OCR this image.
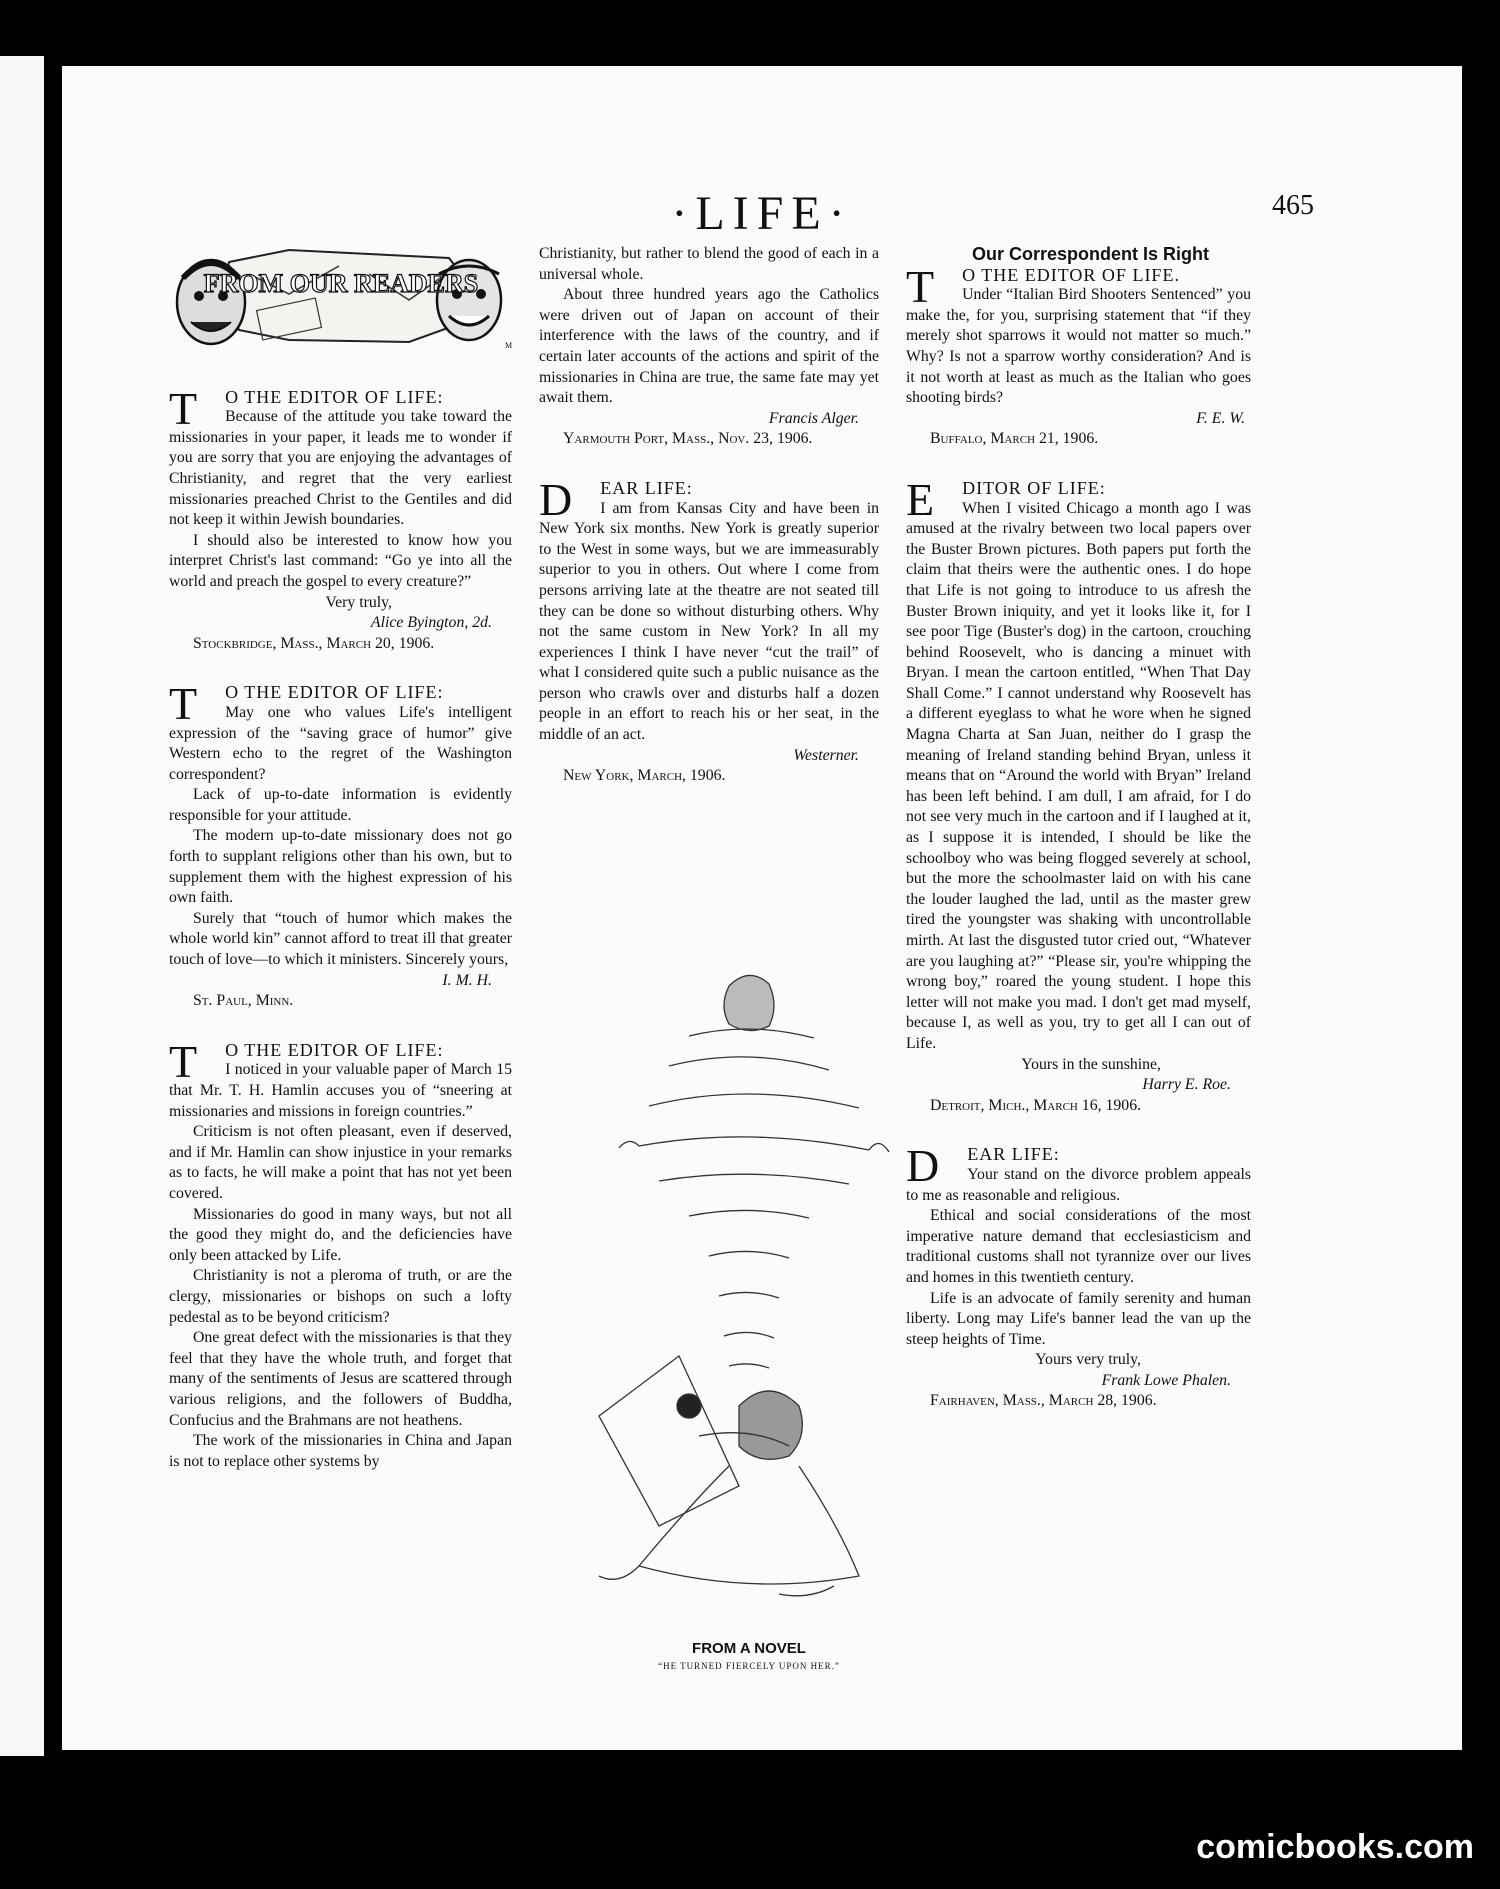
·LIFE·	465
FROM OUR READERS
M
T	O THE EDITOR OF LIFE:

Because of the attitude you take toward the missionaries in your paper, it leads me to wonder if you are sorry that you are enjoying the advantages of Christianity, and regret that the very earliest missionaries preached Christ to the Gentiles and did not keep it within Jewish boundaries.

I should also be interested to know how you interpret Christ's last command: “Go ye into all the world and preach the gospel to every creature?”

Very truly,

Alice Byington, 2d.

Stockbridge, Mass., March 20, 1906.

T	O THE EDITOR OF LIFE:

May one who values Life's intelligent expression of the “saving grace of humor” give Western echo to the regret of the Washington correspondent?

Lack of up-to-date information is evidently responsible for your attitude.

The modern up-to-date missionary does not go forth to supplant religions other than his own, but to supplement them with the highest expression of his own faith.

Surely that “touch of humor which makes the whole world kin” cannot afford to treat ill that greater touch of love—to which it ministers. Sincerely yours,

I. M. H.

St. Paul, Minn.

T	O THE EDITOR OF LIFE:

I noticed in your valuable paper of March 15 that Mr. T. H. Hamlin accuses you of “sneering at missionaries and missions in foreign countries.”

Criticism is not often pleasant, even if deserved, and if Mr. Hamlin can show injustice in your remarks as to facts, he will make a point that has not yet been covered.

Missionaries do good in many ways, but not all the good they might do, and the deficiencies have only been attacked by Life.

Christianity is not a pleroma of truth, or are the clergy, missionaries or bishops on such a lofty pedestal as to be beyond criticism?

One great defect with the missionaries is that they feel that they have the whole truth, and forget that many of the sentiments of Jesus are scattered through various religions, and the followers of Buddha, Confucius and the Brahmans are not heathens.

The work of the missionaries in China and Japan is not to replace other systems by

Christianity, but rather to blend the good of each in a universal whole.

About three hundred years ago the Catholics were driven out of Japan on account of their interference with the laws of the country, and if certain later accounts of the actions and spirit of the missionaries in China are true, the same fate may yet await them.

Francis Alger.

Yarmouth Port, Mass., Nov. 23, 1906.

D	EAR LIFE:

I am from Kansas City and have been in New York six months. New York is greatly superior to the West in some ways, but we are immeasurably superior to you in others. Out where I come from persons arriving late at the theatre are not seated till they can be done so without disturbing others. Why not the same custom in New York? In all my experiences I think I have never “cut the trail” of what I considered quite such a public nuisance as the person who crawls over and disturbs half a dozen people in an effort to reach his or her seat, in the middle of an act.

Westerner.

New York, March, 1906.

FROM A NOVEL
“HE TURNED FIERCELY UPON HER.”

Our Correspondent Is Right

T	O THE EDITOR OF LIFE.

Under “Italian Bird Shooters Sentenced” you make the, for you, surprising statement that “if they merely shot sparrows it would not matter so much.” Why? Is not a sparrow worthy consideration? And is it not worth at least as much as the Italian who goes shooting birds?

F. E. W.

Buffalo, March 21, 1906.

E	DITOR OF LIFE:

When I visited Chicago a month ago I was amused at the rivalry between two local papers over the Buster Brown pictures. Both papers put forth the claim that theirs were the authentic ones. I do hope that Life is not going to introduce to us afresh the Buster Brown iniquity, and yet it looks like it, for I see poor Tige (Buster's dog) in the cartoon, crouching behind Roosevelt, who is dancing a minuet with Bryan. I mean the cartoon entitled, “When That Day Shall Come.” I cannot understand why Roosevelt has a different eyeglass to what he wore when he signed Magna Charta at San Juan, neither do I grasp the meaning of Ireland standing behind Bryan, unless it means that on “Around the world with Bryan” Ireland has been left behind. I am dull, I am afraid, for I do not see very much in the cartoon and if I laughed at it, as I suppose it is intended, I should be like the schoolboy who was being flogged severely at school, but the more the schoolmaster laid on with his cane the louder laughed the lad, until as the master grew tired the youngster was shaking with uncontrollable mirth. At last the disgusted tutor cried out, “Whatever are you laughing at?” “Please sir, you're whipping the wrong boy,” roared the young student. I hope this letter will not make you mad. I don't get mad myself, because I, as well as you, try to get all I can out of Life.

Yours in the sunshine,

Harry E. Roe.

Detroit, Mich., March 16, 1906.

D	EAR LIFE:

Your stand on the divorce problem appeals to me as reasonable and religious.

Ethical and social considerations of the most imperative nature demand that ecclesiasticism and traditional customs shall not tyrannize over our lives and homes in this twentieth century.

Life is an advocate of family serenity and human liberty. Long may Life's banner lead the van up the steep heights of Time.

Yours very truly,

Frank Lowe Phalen.

Fairhaven, Mass., March 28, 1906.

comicbooks.com
